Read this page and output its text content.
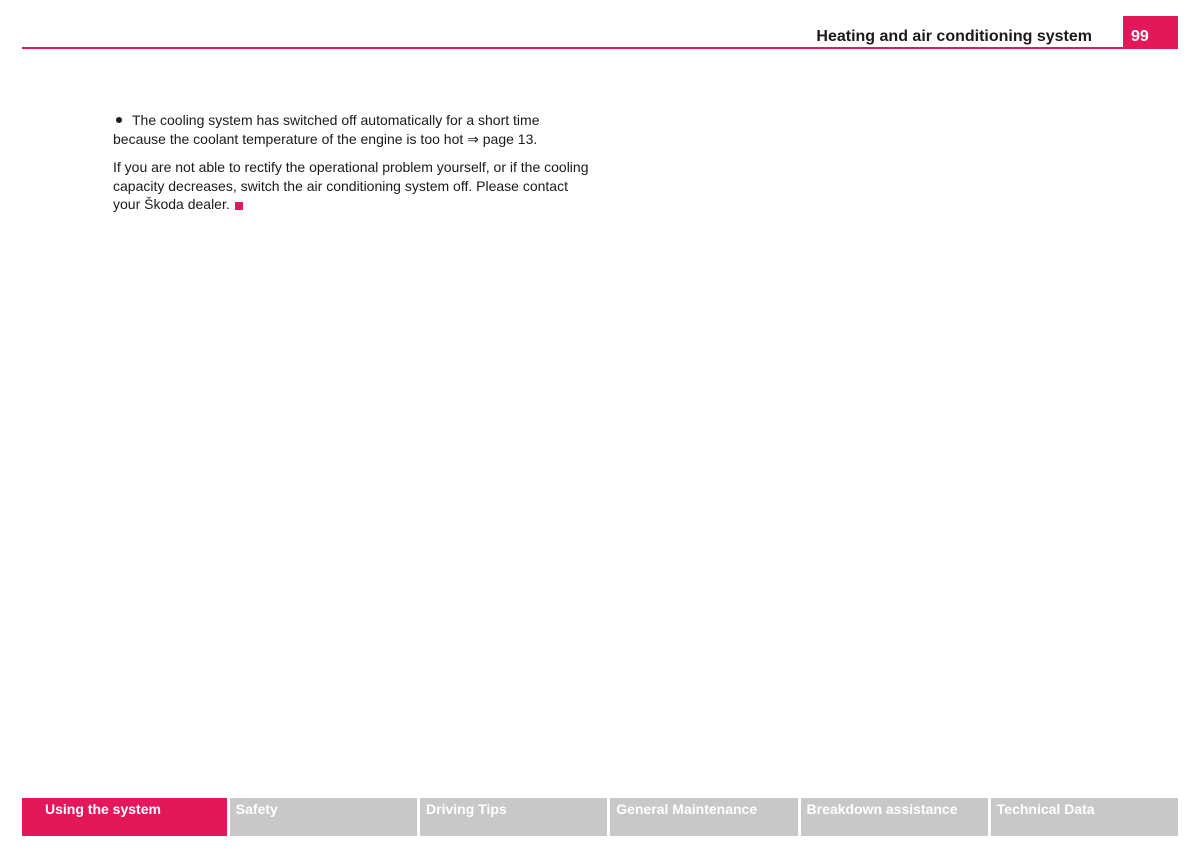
Heating and air conditioning system	99

The cooling system has switched off automatically for a short time because the coolant temperature of the engine is too hot ⇒ page 13.

If you are not able to rectify the operational problem yourself, or if the cooling capacity decreases, switch the air conditioning system off. Please contact your Škoda dealer.

Using the system	Safety	Driving Tips	General Maintenance	Breakdown assistance	Technical Data
